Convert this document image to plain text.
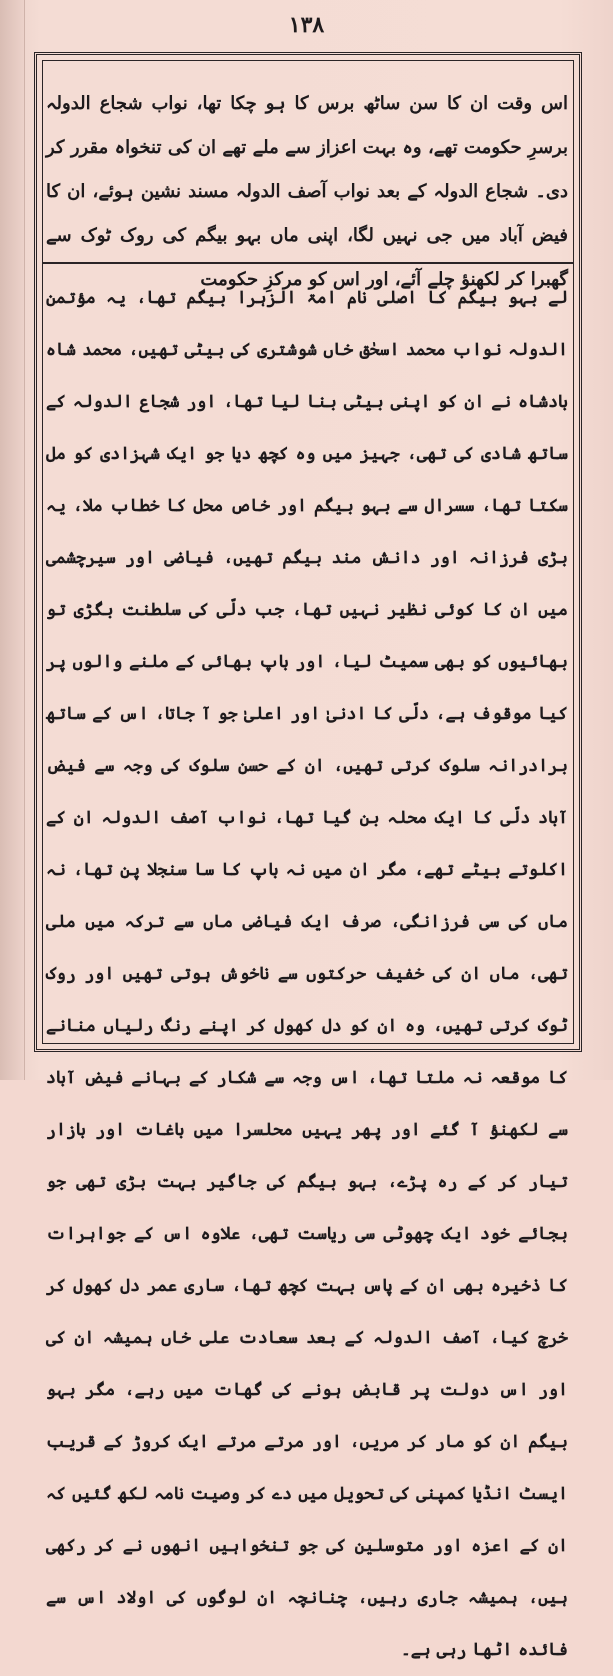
١٣٨
اس وقت ان کا سن ساٹھ برس کا ہو چکا تھا، نواب شجاع الدولہ برسرِ حکومت تھے، وہ بہت اعزاز سے ملے تھے ان کی تنخواہ مقرر کر دی۔ شجاع الدولہ کے بعد نواب آصف الدولہ مسند نشین ہوئے، ان کا فیض آباد میں جی نہیں لگا، اپنی ماں بہو بیگم کی روک ٹوک سے گھبرا کر لکھنؤ چلے آئے، اور اس کو مرکزِ حکومت
لے بہو بیگم کا اصلی نام امۃ الزہرا بیگم تھا، یہ مؤتمن الدولہ نواب محمد اسحٰق خاں شوشتری کی بیٹی تھیں، محمد شاہ بادشاہ نے ان کو اپنی بیٹی بنا لیا تھا، اور شجاع الدولہ کے ساتھ شادی کی تھی، جہیز میں وہ کچھ دیا جو ایک شہزادی کو مل سکتا تھا، سسرال سے بہو بیگم اور خاص محل کا خطاب ملا، یہ بڑی فرزانہ اور دانش مند بیگم تھیں، فیاضی اور سیرچشمی میں ان کا کوئی نظیر نہیں تھا، جب دلّی کی سلطنت بگڑی تو بھائیوں کو بھی سمیٹ لیا، اور باپ بھائی کے ملنے والوں پر کیا موقوف ہے، دلّی کا ادنیٰ اور اعلیٰ جو آ جاتا، اس کے ساتھ برادرانہ سلوک کرتی تھیں، ان کے حسن سلوک کی وجہ سے فیض آباد دلّی کا ایک محلہ بن گیا تھا، نواب آصف الدولہ ان کے اکلوتے بیٹے تھے، مگر ان میں نہ باپ کا سا سنجلا پن تھا، نہ ماں کی سی فرزانگی، صرف ایک فیاضی ماں سے ترکہ میں ملی تھی، ماں ان کی خفیف حرکتوں سے ناخوش ہوتی تھیں اور روک ٹوک کرتی تھیں، وہ ان کو دل کھول کر اپنے رنگ رلیاں منانے کا موقعہ نہ ملتا تھا، اس وجہ سے شکار کے بہانے فیض آباد سے لکھنؤ آ گئے اور پھر یہیں محلسرا میں باغات اور بازار تیار کر کے رہ پڑے، بہو بیگم کی جاگیر بہت بڑی تھی جو بجائے خود ایک چھوٹی سی ریاست تھی، علاوہ اس کے جواہرات کا ذخیرہ بھی ان کے پاس بہت کچھ تھا، ساری عمر دل کھول کر خرچ کیا، آصف الدولہ کے بعد سعادت علی خاں ہمیشہ ان کی اور اس دولت پر قابض ہونے کی گھات میں رہے، مگر بہو بیگم ان کو مار کر مریں، اور مرتے مرتے ایک کروڑ کے قریب ایسٹ انڈیا کمپنی کی تحویل میں دے کر وصیت نامہ لکھ گئیں کہ ان کے اعزہ اور متوسلین کی جو تنخواہیں انھوں نے کر رکھی ہیں، ہمیشہ جاری رہیں، چنانچہ ان لوگوں کی اولاد اس سے فائدہ اٹھا رہی ہے۔
